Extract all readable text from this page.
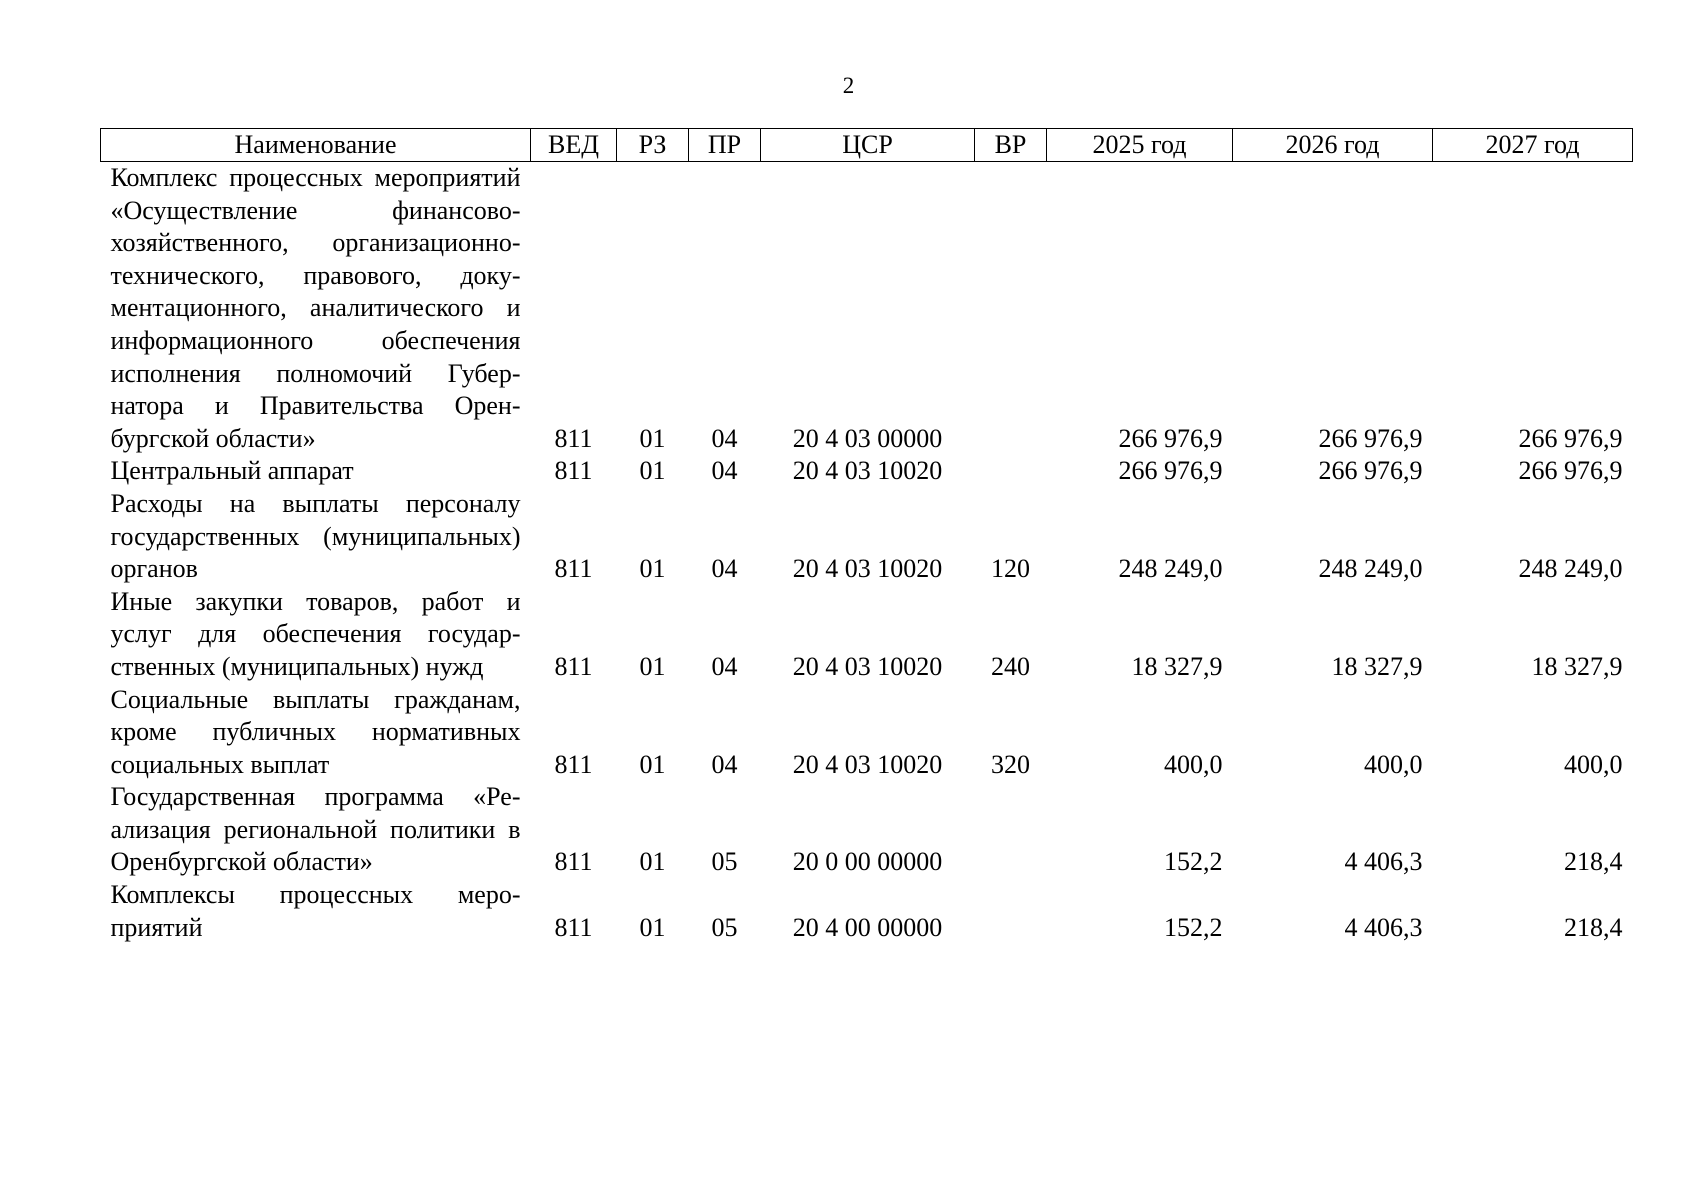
2
Наименование	ВЕД	РЗ	ПР	ЦСР	ВР	2025 год	2026 год	2027 год
Комплекс процессных мероприятий «Осуществление финансово-хозяйственного, организационно-технического, правового, документационного, аналитического и информационного обеспечения исполнения полномочий Губернатора и Правительства Оренбургской области»	811	01	04	20 4 03 00000		266 976,9	266 976,9	266 976,9
Центральный аппарат	811	01	04	20 4 03 10020		266 976,9	266 976,9	266 976,9
Расходы на выплаты персоналу государственных (муниципальных) органов	811	01	04	20 4 03 10020	120	248 249,0	248 249,0	248 249,0
Иные закупки товаров, работ и услуг для обеспечения государственных (муниципальных) нужд	811	01	04	20 4 03 10020	240	18 327,9	18 327,9	18 327,9
Социальные выплаты гражданам, кроме публичных нормативных социальных выплат	811	01	04	20 4 03 10020	320	400,0	400,0	400,0
Государственная программа «Реализация региональной политики в Оренбургской области»	811	01	05	20 0 00 00000		152,2	4 406,3	218,4
Комплексы процессных мероприятий	811	01	05	20 4 00 00000		152,2	4 406,3	218,4
